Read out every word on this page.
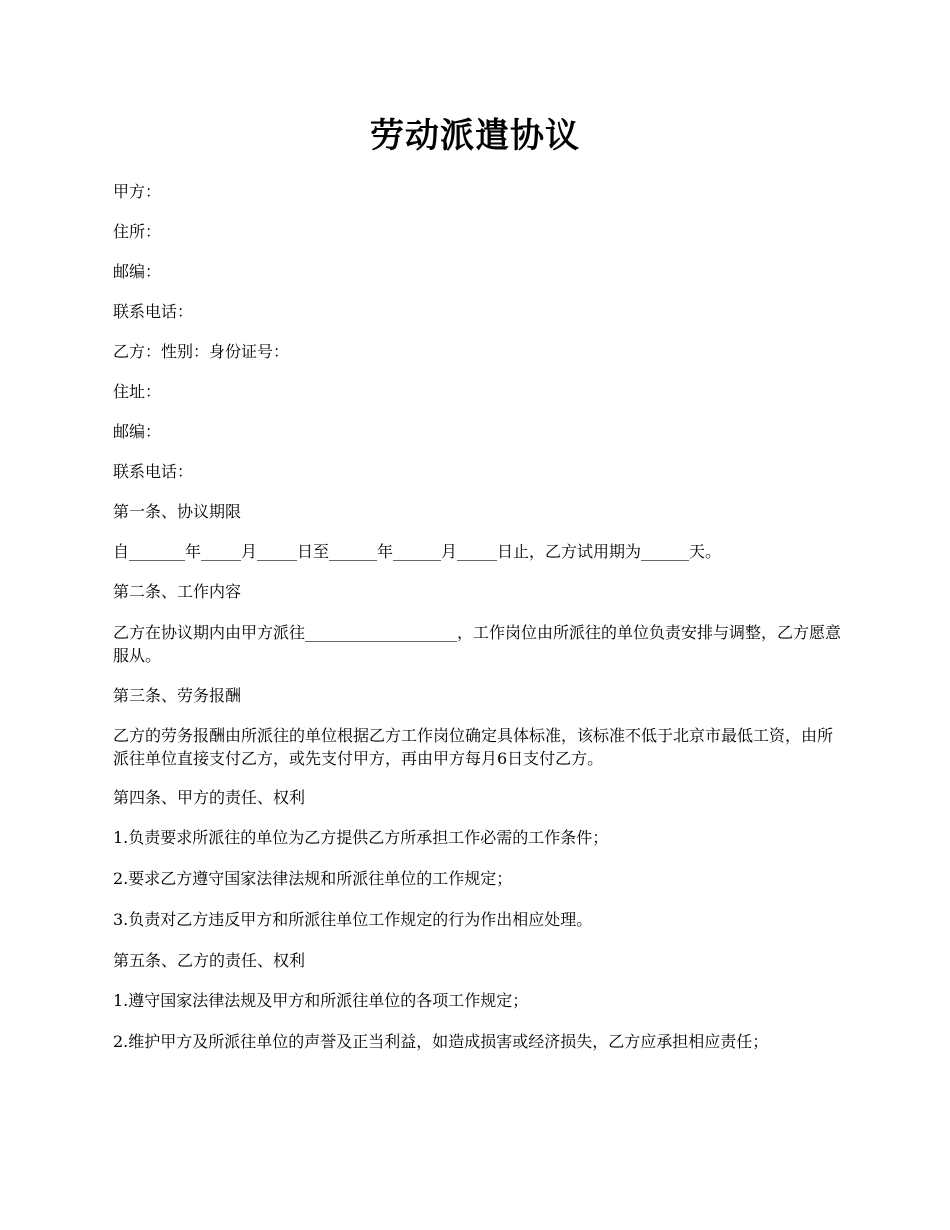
劳动派遣协议

甲方：

住所：

邮编：

联系电话：

乙方：性别：身份证号：

住址：

邮编：

联系电话：

第一条、协议期限

自_______年_____月_____日至______年______月_____日止，乙方试用期为______天。

第二条、工作内容

乙方在协议期内由甲方派往___________________，工作岗位由所派往的单位负责安排与调整，乙方愿意服从。

第三条、劳务报酬

乙方的劳务报酬由所派往的单位根据乙方工作岗位确定具体标准，该标准不低于北京市最低工资，由所派往单位直接支付乙方，或先支付甲方，再由甲方每月6日支付乙方。

第四条、甲方的责任、权利

1.负责要求所派往的单位为乙方提供乙方所承担工作必需的工作条件；

2.要求乙方遵守国家法律法规和所派往单位的工作规定；

3.负责对乙方违反甲方和所派往单位工作规定的行为作出相应处理。

第五条、乙方的责任、权利

1.遵守国家法律法规及甲方和所派往单位的各项工作规定；

2.维护甲方及所派往单位的声誉及正当利益，如造成损害或经济损失，乙方应承担相应责任；
